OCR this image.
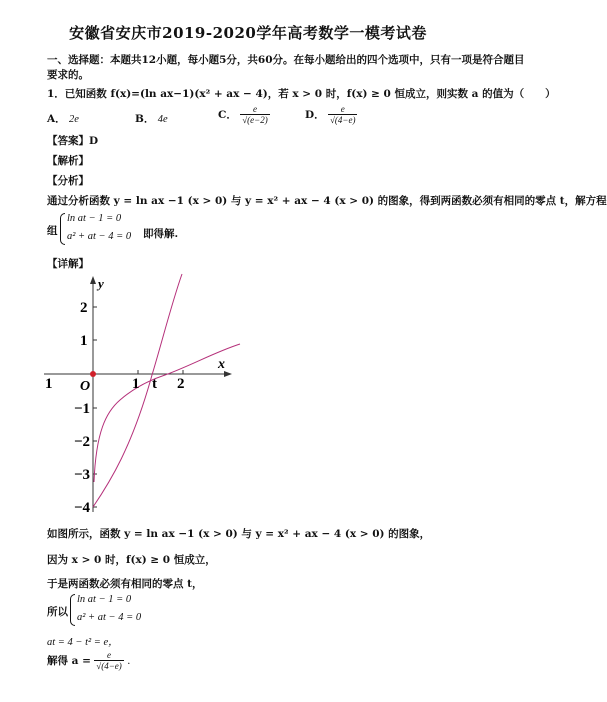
安徽省安庆市2019-2020学年高考数学一模考试卷
一、选择题：本题共12小题，每小题5分，共60分。在每小题给出的四个选项中，只有一项是符合题目
要求的。
1．已知函数 f(x)=(ln ax−1)(x² + ax − 4)，若 x > 0 时，f(x) ≥ 0 恒成立，则实数 a 的值为（　　）
A． 2e	B． 4e	C． $\frac{e}{√(e-2)}$	D． $\frac{e}{√(4-e)}$
【答案】D
【解析】
【分析】
通过分析函数 y = ln ax −1 (x > 0) 与 y = x² + ax − 4 (x > 0) 的图象，得到两函数必须有相同的零点 t，解方程
组
ln at − 1 = 0
a² + at − 4 = 0 即得解.
【详解】
y
x
O
1	1 t 2
2
1
−1
−2
−3
−4
如图所示，函数 y = ln ax −1 (x > 0) 与 y = x² + ax − 4 (x > 0) 的图象，
因为 x > 0 时，f(x) ≥ 0 恒成立，
于是两函数必须有相同的零点 t，
所以
ln at − 1 = 0
a² + at − 4 = 0
at = 4 − t² = e，
解得 $a = \frac{e}{√(4-e)}$ .
